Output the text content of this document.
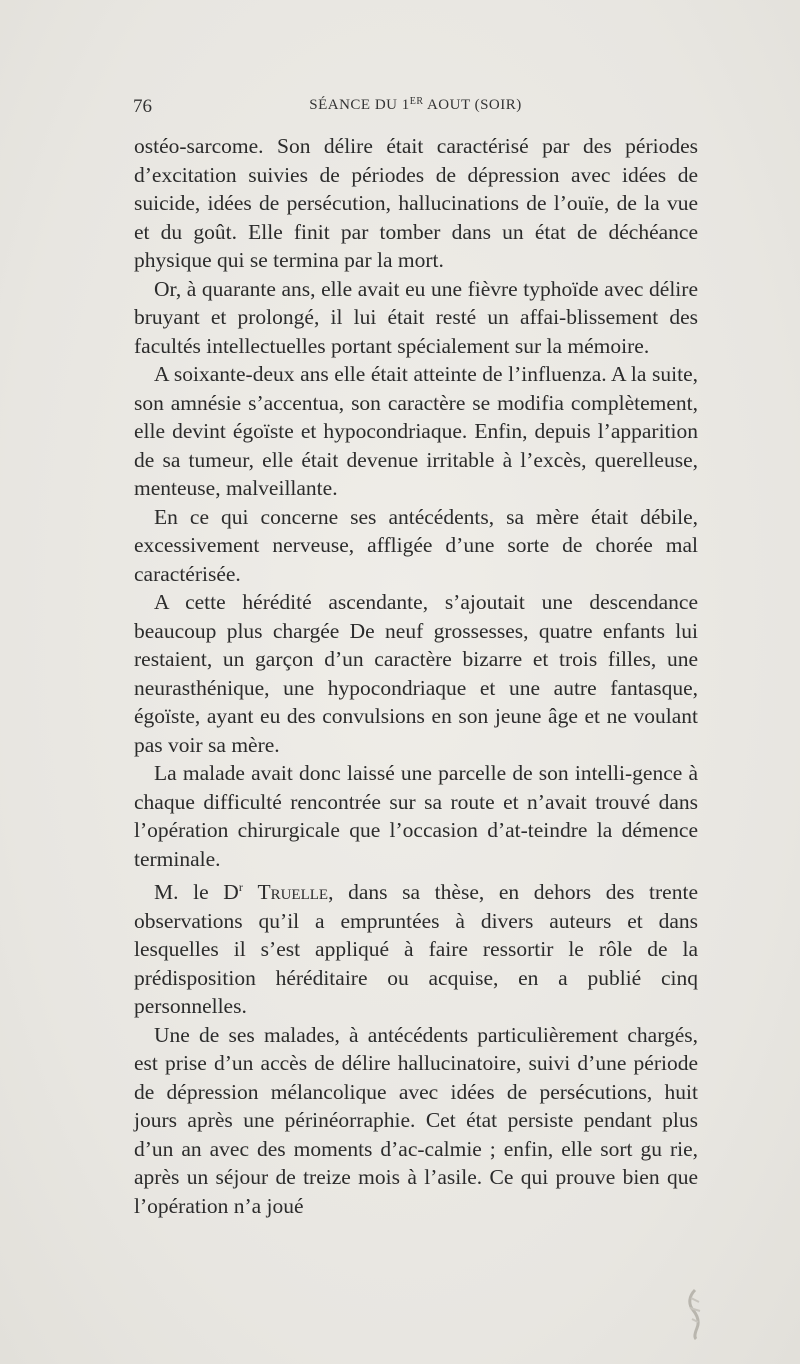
76	SÉANCE DU 1ER AOUT (SOIR)

ostéo-sarcome. Son délire était caractérisé par des périodes d’excitation suivies de périodes de dépression avec idées de suicide, idées de persécution, hallucinations de l’ouïe, de la vue et du goût. Elle finit par tomber dans un état de déchéance physique qui se termina par la mort.

Or, à quarante ans, elle avait eu une fièvre typhoïde avec délire bruyant et prolongé, il lui était resté un affai-blissement des facultés intellectuelles portant spécialement sur la mémoire.

A soixante-deux ans elle était atteinte de l’influenza. A la suite, son amnésie s’accentua, son caractère se modifia complètement, elle devint égoïste et hypocondriaque. Enfin, depuis l’apparition de sa tumeur, elle était devenue irritable à l’excès, querelleuse, menteuse, malveillante.

En ce qui concerne ses antécédents, sa mère était débile, excessivement nerveuse, affligée d’une sorte de chorée mal caractérisée.

A cette hérédité ascendante, s’ajoutait une descendance beaucoup plus chargée De neuf grossesses, quatre enfants lui restaient, un garçon d’un caractère bizarre et trois filles, une neurasthénique, une hypocondriaque et une autre fantasque, égoïste, ayant eu des convulsions en son jeune âge et ne voulant pas voir sa mère.

La malade avait donc laissé une parcelle de son intelli-gence à chaque difficulté rencontrée sur sa route et n’avait trouvé dans l’opération chirurgicale que l’occasion d’at-teindre la démence terminale.

M. le $D^r$ Truelle, dans sa thèse, en dehors des trente observations qu’il a empruntées à divers auteurs et dans lesquelles il s’est appliqué à faire ressortir le rôle de la prédisposition héréditaire ou acquise, en a publié cinq personnelles.

Une de ses malades, à antécédents particulièrement chargés, est prise d’un accès de délire hallucinatoire, suivi d’une période de dépression mélancolique avec idées de persécutions, huit jours après une périnéorraphie. Cet état persiste pendant plus d’un an avec des moments d’ac-calmie ; enfin, elle sort gu rie, après un séjour de treize mois à l’asile. Ce qui prouve bien que l’opération n’a joué
